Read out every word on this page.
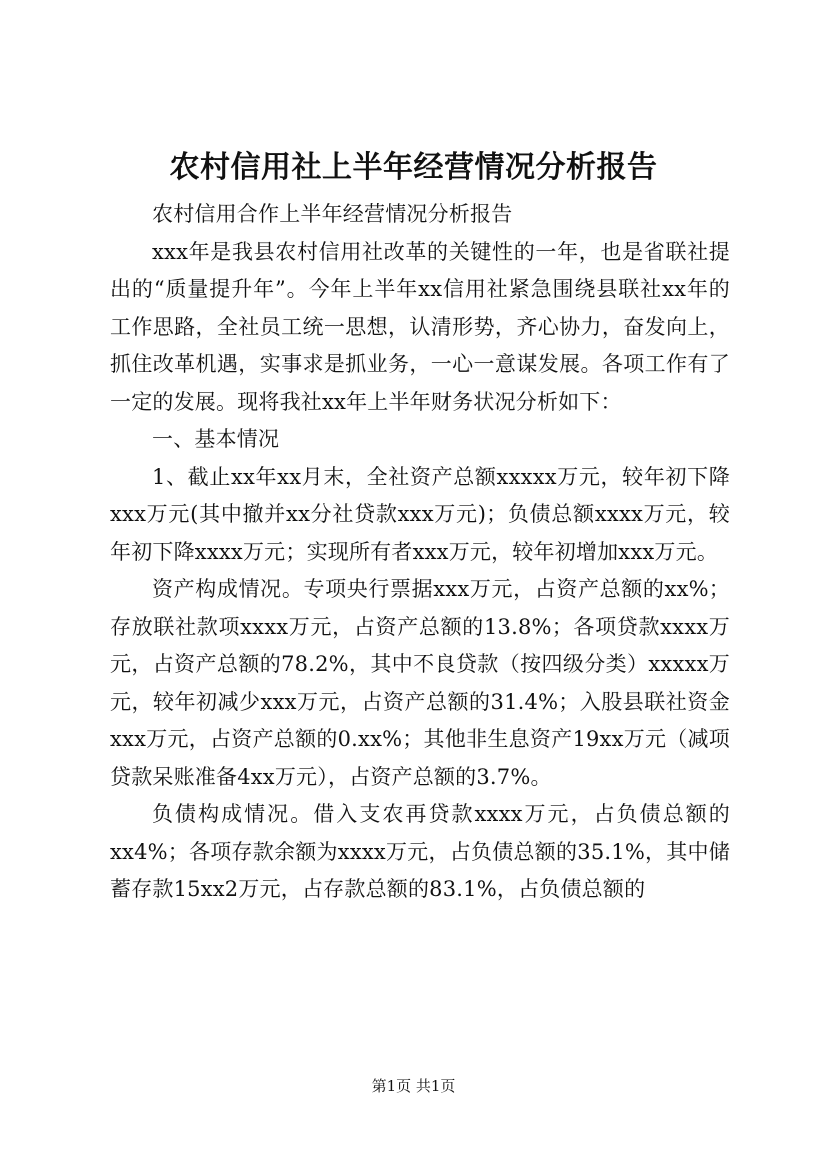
农村信用社上半年经营情况分析报告

农村信用合作上半年经营情况分析报告

xxx年是我县农村信用社改革的关键性的一年，也是省联社提出的“质量提升年”。今年上半年xx信用社紧急围绕县联社xx年的工作思路，全社员工统一思想，认清形势，齐心协力，奋发向上，抓住改革机遇，实事求是抓业务，一心一意谋发展。各项工作有了一定的发展。现将我社xx年上半年财务状况分析如下：

一、基本情况

1、截止xx年xx月末，全社资产总额xxxxx万元，较年初下降xxx万元(其中撤并xx分社贷款xxx万元)；负债总额xxxx万元，较年初下降xxxx万元；实现所有者xxx万元，较年初增加xxx万元。

资产构成情况。专项央行票据xxx万元，占资产总额的xx%；存放联社款项xxxx万元，占资产总额的13.8%；各项贷款xxxx万元，占资产总额的78.2%，其中不良贷款（按四级分类）xxxxx万元，较年初减少xxx万元，占资产总额的31.4%；入股县联社资金xxx万元，占资产总额的0.xx%；其他非生息资产19xx万元（减项贷款呆账准备4xx万元），占资产总额的3.7%。

负债构成情况。借入支农再贷款xxxx万元，占负债总额的xx4%；各项存款余额为xxxx万元，占负债总额的35.1%，其中储蓄存款15xx2万元，占存款总额的83.1%，占负债总额的

第1页 共1页
